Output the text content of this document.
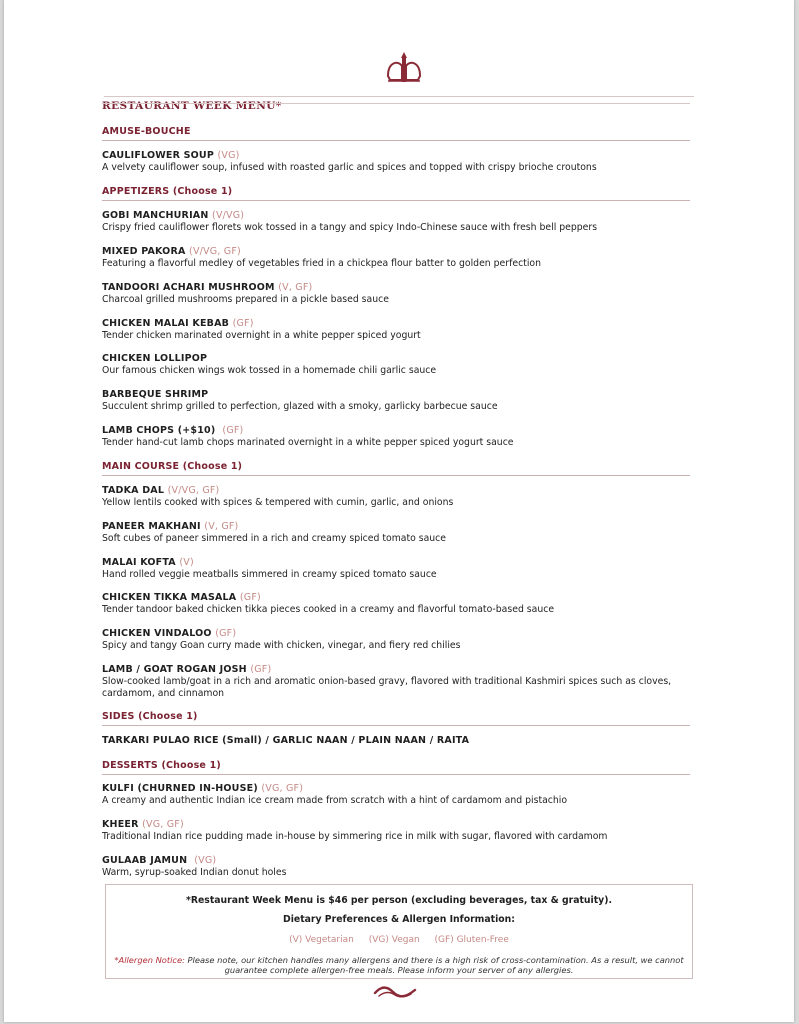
RESTAURANT WEEK MENU*
AMUSE-BOUCHE
CAULIFLOWER SOUP (VG)
A velvety cauliflower soup, infused with roasted garlic and spices and topped with crispy brioche croutons
APPETIZERS (Choose 1)
GOBI MANCHURIAN (V/VG)
Crispy fried cauliflower florets wok tossed in a tangy and spicy Indo-Chinese sauce with fresh bell peppers
MIXED PAKORA (V/VG, GF)
Featuring a flavorful medley of vegetables fried in a chickpea flour batter to golden perfection
TANDOORI ACHARI MUSHROOM (V, GF)
Charcoal grilled mushrooms prepared in a pickle based sauce
CHICKEN MALAI KEBAB (GF)
Tender chicken marinated overnight in a white pepper spiced yogurt
CHICKEN LOLLIPOP
Our famous chicken wings wok tossed in a homemade chili garlic sauce
BARBEQUE SHRIMP
Succulent shrimp grilled to perfection, glazed with a smoky, garlicky barbecue sauce
LAMB CHOPS (+$10) (GF)
Tender hand-cut lamb chops marinated overnight in a white pepper spiced yogurt sauce
MAIN COURSE (Choose 1)
TADKA DAL (V/VG, GF)
Yellow lentils cooked with spices & tempered with cumin, garlic, and onions
PANEER MAKHANI (V, GF)
Soft cubes of paneer simmered in a rich and creamy spiced tomato sauce
MALAI KOFTA (V)
Hand rolled veggie meatballs simmered in creamy spiced tomato sauce
CHICKEN TIKKA MASALA (GF)
Tender tandoor baked chicken tikka pieces cooked in a creamy and flavorful tomato-based sauce
CHICKEN VINDALOO (GF)
Spicy and tangy Goan curry made with chicken, vinegar, and fiery red chilies
LAMB / GOAT ROGAN JOSH (GF)
Slow-cooked lamb/goat in a rich and aromatic onion-based gravy, flavored with traditional Kashmiri spices such as cloves, cardamom, and cinnamon
SIDES (Choose 1)
TARKARI PULAO RICE (Small) / GARLIC NAAN / PLAIN NAAN / RAITA
DESSERTS (Choose 1)
KULFI (CHURNED IN-HOUSE) (VG, GF)
A creamy and authentic Indian ice cream made from scratch with a hint of cardamom and pistachio
KHEER (VG, GF)
Traditional Indian rice pudding made in-house by simmering rice in milk with sugar, flavored with cardamom
GULAAB JAMUN (VG)
Warm, syrup-soaked Indian donut holes
*Restaurant Week Menu is $46 per person (excluding beverages, tax & gratuity).
Dietary Preferences & Allergen Information:
(V) Vegetarian (VG) Vegan (GF) Gluten-Free
*Allergen Notice: Please note, our kitchen handles many allergens and there is a high risk of cross-contamination. As a result, we cannot guarantee complete allergen-free meals. Please inform your server of any allergies.
